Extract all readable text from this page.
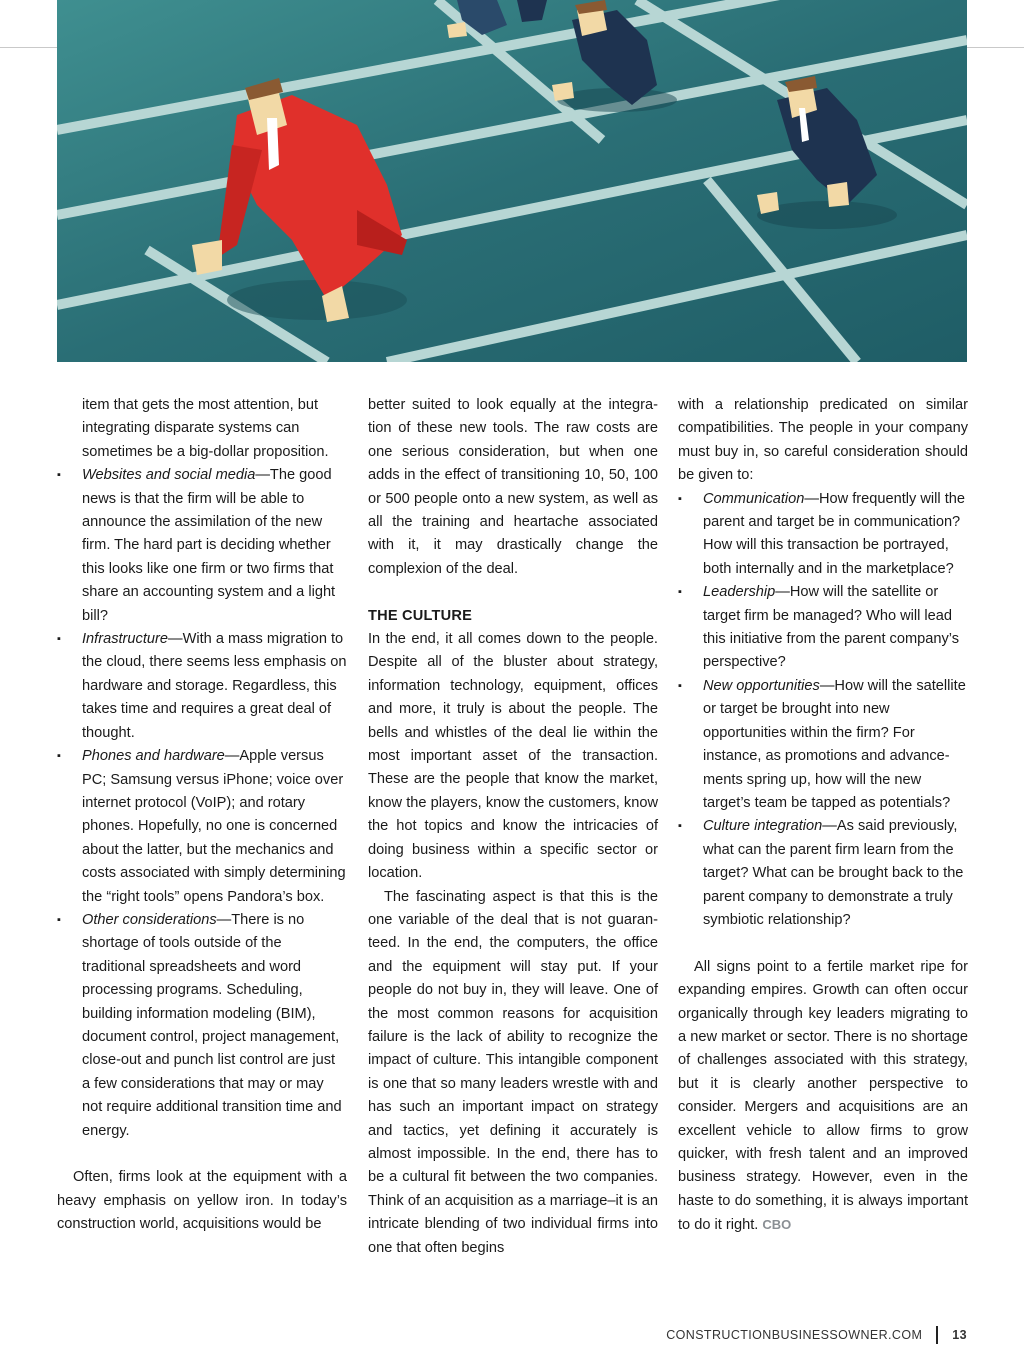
item that gets the most attention, but integrating disparate systems can sometimes be a big-dollar proposition.
▪ Websites and social media—The good news is that the firm will be able to announce the assimilation of the new firm. The hard part is deciding whether this looks like one firm or two firms that share an accounting system and a light bill?
▪ Infrastructure—With a mass migration to the cloud, there seems less emphasis on hardware and storage. Regardless, this takes time and requires a great deal of thought.
▪ Phones and hardware—Apple versus PC; Samsung versus iPhone; voice over internet protocol (VoIP); and rotary phones. Hopefully, no one is concerned about the latter, but the mechanics and costs associated with simply determining the “right tools” opens Pandora’s box.
▪ Other considerations—There is no shortage of tools outside of the traditional spreadsheets and word processing programs. Scheduling, building information modeling (BIM), document control, project management, close-out and punch list control are just a few considerations that may or may not require additional transition time and energy.

Often, firms look at the equipment with a heavy emphasis on yellow iron. In today’s construction world, acquisitions would be

better suited to look equally at the integration of these new tools. The raw costs are one serious consideration, but when one adds in the effect of transitioning 10, 50, 100 or 500 people onto a new system, as well as all the training and heartache associated with it, it may drastically change the complexion of the deal.

THE CULTURE

In the end, it all comes down to the people. Despite all of the bluster about strategy, information technology, equipment, offices and more, it truly is about the people. The bells and whistles of the deal lie within the most important asset of the transaction. These are the people that know the market, know the players, know the customers, know the hot topics and know the intricacies of doing business within a specific sector or location.

The fascinating aspect is that this is the one variable of the deal that is not guaranteed. In the end, the computers, the office and the equipment will stay put. If your people do not buy in, they will leave. One of the most common reasons for acquisition failure is the lack of ability to recognize the impact of culture. This intangible component is one that so many leaders wrestle with and has such an important impact on strategy and tactics, yet defining it accurately is almost impossible. In the end, there has to be a cultural fit between the two companies. Think of an acquisition as a marriage–it is an intricate blending of two individual firms into one that often begins

with a relationship predicated on similar compatibilities. The people in your company must buy in, so careful consideration should be given to:

▪ Communication—How frequently will the parent and target be in communication? How will this transaction be portrayed, both internally and in the marketplace?
▪ Leadership—How will the satellite or target firm be managed? Who will lead this initiative from the parent company’s perspective?
▪ New opportunities—How will the satellite or target be brought into new opportunities within the firm? For instance, as promotions and advancements spring up, how will the new target’s team be tapped as potentials?
▪ Culture integration—As said previously, what can the parent firm learn from the target? What can be brought back to the parent company to demonstrate a truly symbiotic relationship?

All signs point to a fertile market ripe for expanding empires. Growth can often occur organically through key leaders migrating to a new market or sector. There is no shortage of challenges associated with this strategy, but it is clearly another perspective to consider. Mergers and acquisitions are an excellent vehicle to allow firms to grow quicker, with fresh talent and an improved business strategy. However, even in the haste to do something, it is always important to do it right. CBO

CONSTRUCTIONBUSINESSOWNER.COM 13
